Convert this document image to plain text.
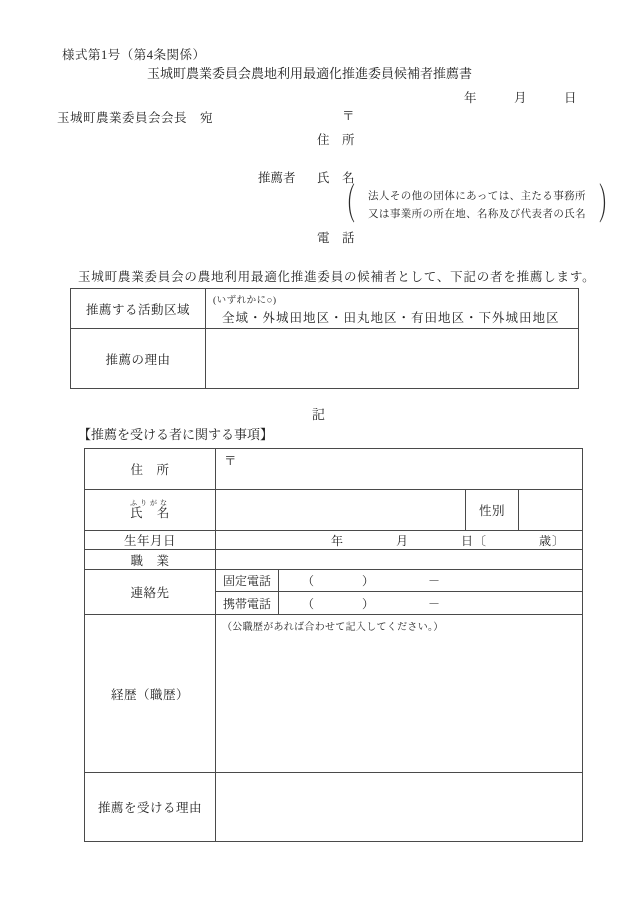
様式第1号（第4条関係）
玉城町農業委員会農地利用最適化推進委員候補者推薦書
年　　　月　　　日
玉城町農業委員会会長　宛	〒
住　所
推薦者 氏　名
（ 法人その他の団体にあっては、主たる事務所
又は事業所の所在地、名称及び代表者の氏名 ）
電　話
玉城町農業委員会の農地利用最適化推進委員の候補者として、下記の者を推薦します。
推薦する活動区域	(いずれかに○)
全域・外城田地区・田丸地区・有田地区・下外城田地区

推薦の理由	
記
【推薦を受ける者に関する事項】
住　所	〒			
氏　名 ふりがな			性別	
生年月日	年　　　　月　　　　日〔　　　　歳〕			
職　業				
連絡先	固定電話	（　　　　）　　　　　－		
	携帯電話	（　　　　）　　　　　－		
経歴（職歴）	（公職歴があれば合わせて記入してください。）			

推薦を受ける理由				
